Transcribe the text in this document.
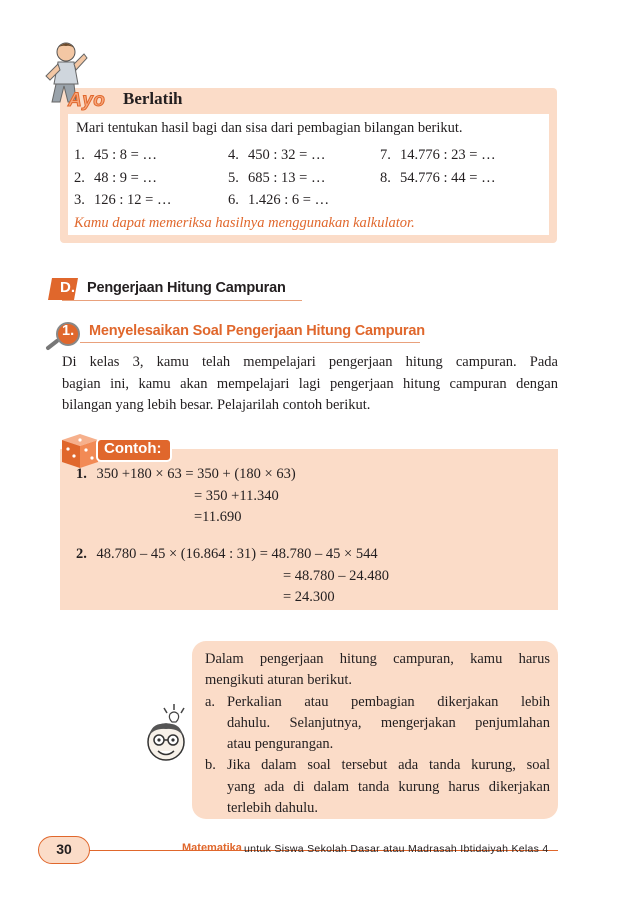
Mari tentukan hasil bagi dan sisa dari pembagian bilangan berikut.
1. 45 : 8 = …
2. 48 : 9 = …
3. 126 : 12 = …
4. 450 : 32 = …
5. 685 : 13 = …
6. 1.426 : 6 = …
7. 14.776 : 23 = …
8. 54.776 : 44 = …
Kamu dapat memeriksa hasilnya menggunakan kalkulator.
Ayo Berlatih
D. Pengerjaan Hitung Campuran
1. Menyelesaikan Soal Pengerjaan Hitung Campuran
Di kelas 3, kamu telah mempelajari pengerjaan hitung campuran. Pada
bagian ini, kamu akan mempelajari lagi pengerjaan hitung campuran dengan
bilangan yang lebih besar. Pelajarilah contoh berikut.
Contoh:
1. 350 +180 × 63 = 350 + (180 × 63)
= 350 +11.340
=11.690
2. 48.780 – 45 × (16.864 : 31) = 48.780 – 45 × 544
= 48.780 – 24.480
= 24.300
Dalam pengerjaan hitung campuran, kamu harus
mengikuti aturan berikut.
a. Perkalian atau pembagian dikerjakan lebih
dahulu. Selanjutnya, mengerjakan penjumlahan
atau pengurangan.
b. Jika dalam soal tersebut ada tanda kurung, soal
yang ada di dalam tanda kurung harus dikerjakan
terlebih dahulu.
30	Matematika untuk Siswa Sekolah Dasar atau Madrasah Ibtidaiyah Kelas 4
